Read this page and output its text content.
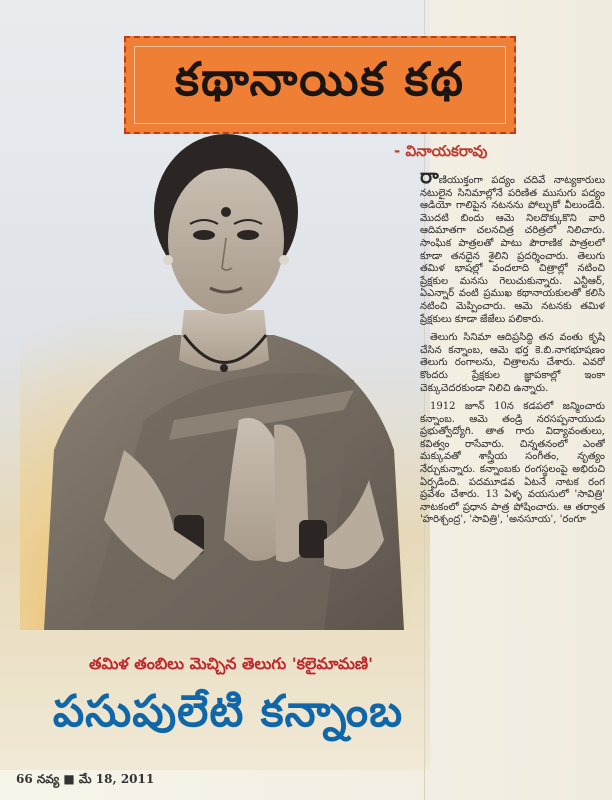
కథానాయిక కథ
- వినాయకరావు

రాణియుక్తంగా పద్యం చదివే నాట్యకారులు నటులైన సినిమాల్లోనే పరిణిత ముసుగు పద్యం ఆడియో గాలిపైన నటనను పోల్చుకో వీలుండేది. మొదటి బిందు ఆమె నిలదొక్కుకొని వారి ఆదిమాతగా చలనచిత్ర చరిత్రలో నిలిచారు. సాంఘిక పాత్రలతో పాటు పౌరాణిక పాత్రలలో కూడా తనదైన శైలిని ప్రదర్శించారు. తెలుగు తమిళ భాషల్లో వందలాది చిత్రాల్లో నటించి ప్రేక్షకుల మనసు గెలుచుకున్నారు. ఎన్టీఆర్, ఏఎన్నార్ వంటి ప్రముఖ కథానాయకులతో కలిసి నటించి మెప్పించారు. ఆమె నటనకు తమిళ ప్రేక్షకులు కూడా జేజేలు పలికారు.

తెలుగు సినిమా ఆదిప్రసిద్ధి తన వంతు కృషి చేసిన కన్నాంబ, ఆమె భర్త కె.బి.నాగభూషణం తెలుగు రంగాలను, చిత్రాలను చేశారు. ఎవరో కొందరు ప్రేక్షకుల జ్ఞాపకాల్లో ఇంకా చెక్కుచెదరకుండా నిలిచి ఉన్నారు.

1912 జూన్ 10న కడపలో జన్మించారు కన్నాంబ. ఆమె తండ్రి నరసప్పనాయుడు ప్రభుత్వోద్యోగి. తాత గారు విద్యావంతులు, కవిత్వం రాసేవారు. చిన్నతనంలో ఎంతో మక్కువతో శాస్త్రీయ సంగీతం, నృత్యం నేర్చుకున్నారు. కన్నాంబకు రంగస్థలంపై అభిరుచి ఏర్పడింది. పదమూడవ ఏటనే నాటక రంగ ప్రవేశం చేశారు. 13 ఏళ్ళ వయసులో 'సావిత్రి' నాటకంలో ప్రధాన పాత్ర పోషించారు. ఆ తర్వాత 'హరిశ్చంద్ర', 'సావిత్రి', 'అనసూయ', 'రంగూ

తమిళ తంబిలు మెచ్చిన తెలుగు 'కలైమామణి'
పసుపులేటి కన్నాంబ
66 నవ్య ■ మే 18, 2011
